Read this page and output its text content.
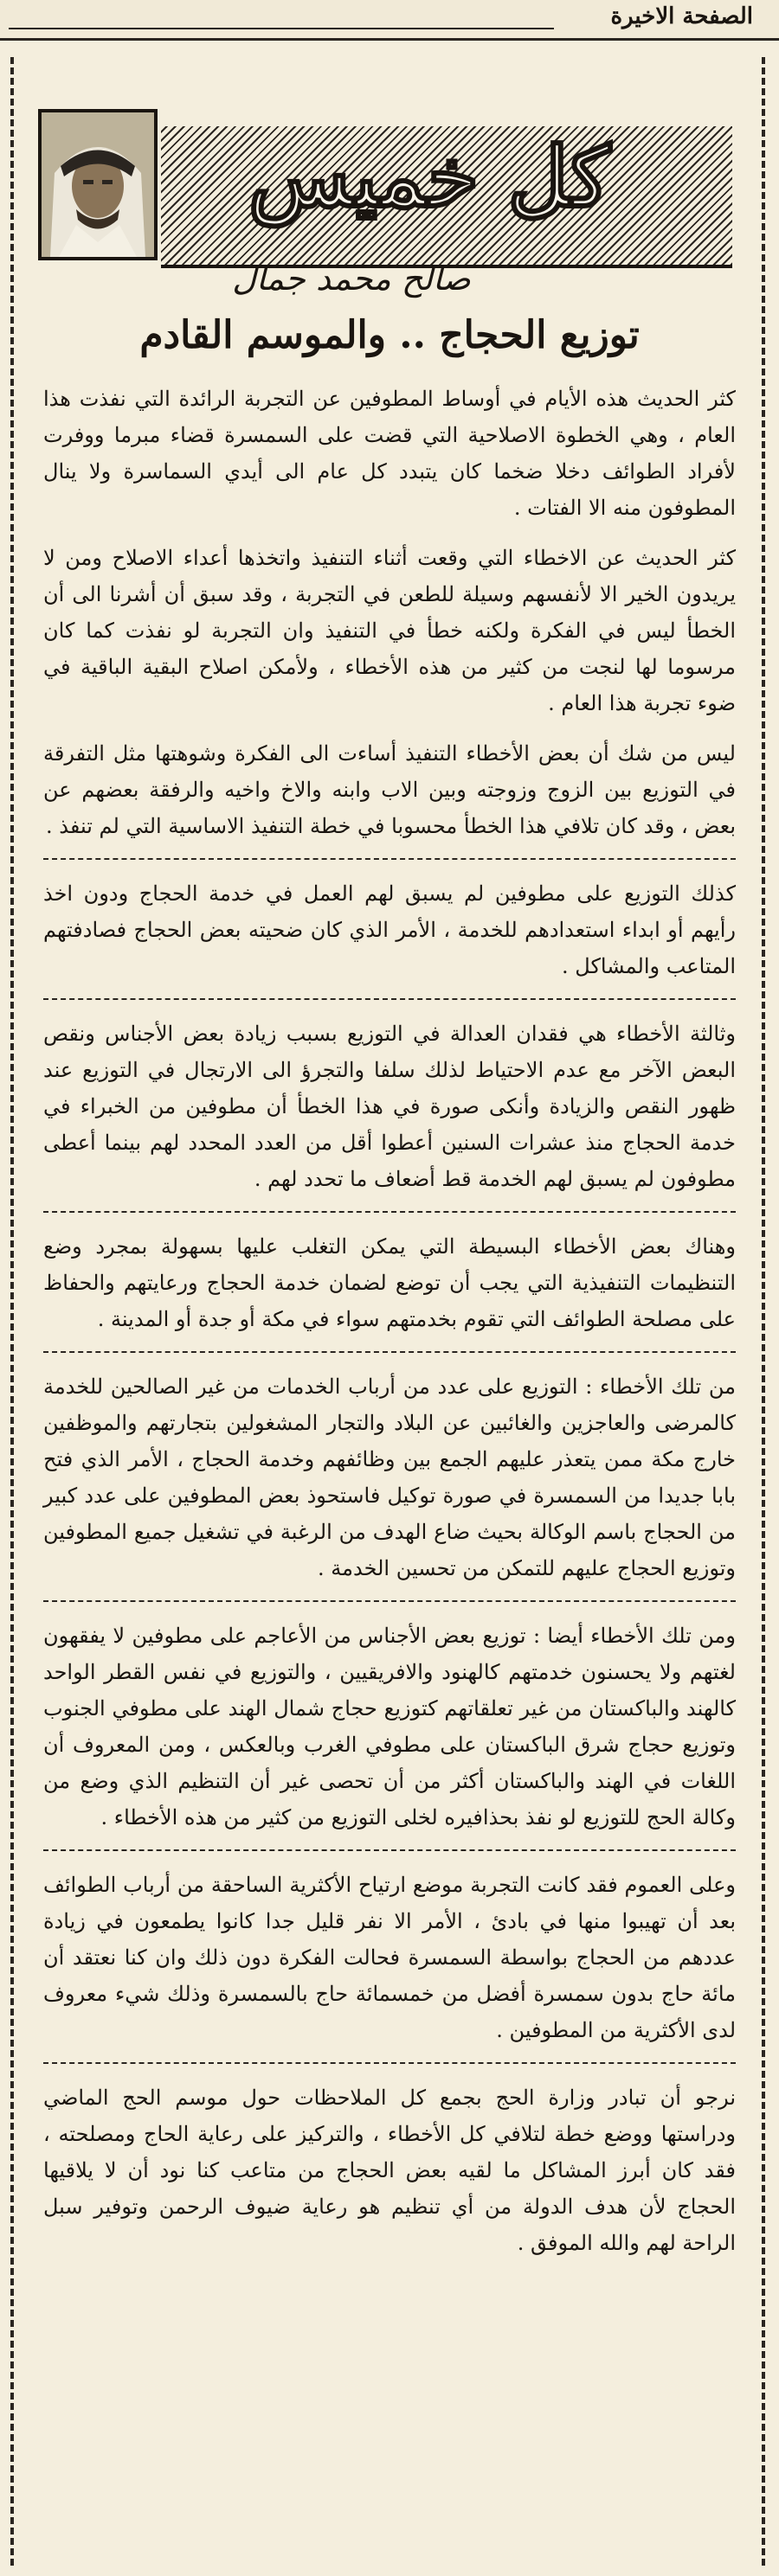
الصفحة الاخيرة
كل خميس
صالح محمد جمال
توزيع الحجاج .. والموسم القادم

كثر الحديث هذه الأيام في أوساط المطوفين عن التجربة الرائدة التي نفذت هذا العام ، وهي الخطوة الاصلاحية التي قضت على السمسرة قضاء مبرما ووفرت لأفراد الطوائف دخلا ضخما كان يتبدد كل عام الى أيدي السماسرة ولا ينال المطوفون منه الا الفتات .

كثر الحديث عن الاخطاء التي وقعت أثناء التنفيذ واتخذها أعداء الاصلاح ومن لا يريدون الخير الا لأنفسهم وسيلة للطعن في التجربة ، وقد سبق أن أشرنا الى أن الخطأ ليس في الفكرة ولكنه خطأ في التنفيذ وان التجربة لو نفذت كما كان مرسوما لها لنجت من كثير من هذه الأخطاء ، ولأمكن اصلاح البقية الباقية في ضوء تجربة هذا العام .

ليس من شك أن بعض الأخطاء التنفيذ أساءت الى الفكرة وشوهتها مثل التفرقة في التوزيع بين الزوج وزوجته وبين الاب وابنه والاخ واخيه والرفقة بعضهم عن بعض ، وقد كان تلافي هذا الخطأ محسوبا في خطة التنفيذ الاساسية التي لم تنفذ .

كذلك التوزيع على مطوفين لم يسبق لهم العمل في خدمة الحجاج ودون اخذ رأيهم أو ابداء استعدادهم للخدمة ، الأمر الذي كان ضحيته بعض الحجاج فصادفتهم المتاعب والمشاكل .

وثالثة الأخطاء هي فقدان العدالة في التوزيع بسبب زيادة بعض الأجناس ونقص البعض الآخر مع عدم الاحتياط لذلك سلفا والتجرؤ الى الارتجال في التوزيع عند ظهور النقص والزيادة وأنكى صورة في هذا الخطأ أن مطوفين من الخبراء في خدمة الحجاج منذ عشرات السنين أعطوا أقل من العدد المحدد لهم بينما أعطى مطوفون لم يسبق لهم الخدمة قط أضعاف ما تحدد لهم .

وهناك بعض الأخطاء البسيطة التي يمكن التغلب عليها بسهولة بمجرد وضع التنظيمات التنفيذية التي يجب أن توضع لضمان خدمة الحجاج ورعايتهم والحفاظ على مصلحة الطوائف التي تقوم بخدمتهم سواء في مكة أو جدة أو المدينة .

من تلك الأخطاء : التوزيع على عدد من أرباب الخدمات من غير الصالحين للخدمة كالمرضى والعاجزين والغائبين عن البلاد والتجار المشغولين بتجارتهم والموظفين خارج مكة ممن يتعذر عليهم الجمع بين وظائفهم وخدمة الحجاج ، الأمر الذي فتح بابا جديدا من السمسرة في صورة توكيل فاستحوذ بعض المطوفين على عدد كبير من الحجاج باسم الوكالة بحيث ضاع الهدف من الرغبة في تشغيل جميع المطوفين وتوزيع الحجاج عليهم للتمكن من تحسين الخدمة .

ومن تلك الأخطاء أيضا : توزيع بعض الأجناس من الأعاجم على مطوفين لا يفقهون لغتهم ولا يحسنون خدمتهم كالهنود والافريقيين ، والتوزيع في نفس القطر الواحد كالهند والباكستان من غير تعلقاتهم كتوزيع حجاج شمال الهند على مطوفي الجنوب وتوزيع حجاج شرق الباكستان على مطوفي الغرب وبالعكس ، ومن المعروف أن اللغات في الهند والباكستان أكثر من أن تحصى غير أن التنظيم الذي وضع من وكالة الحج للتوزيع لو نفذ بحذافيره لخلى التوزيع من كثير من هذه الأخطاء .

وعلى العموم فقد كانت التجربة موضع ارتياح الأكثرية الساحقة من أرباب الطوائف بعد أن تهيبوا منها في بادئ ، الأمر الا نفر قليل جدا كانوا يطمعون في زيادة عددهم من الحجاج بواسطة السمسرة فحالت الفكرة دون ذلك وان كنا نعتقد أن مائة حاج بدون سمسرة أفضل من خمسمائة حاج بالسمسرة وذلك شيء معروف لدى الأكثرية من المطوفين .

نرجو أن تبادر وزارة الحج بجمع كل الملاحظات حول موسم الحج الماضي ودراستها ووضع خطة لتلافي كل الأخطاء ، والتركيز على رعاية الحاج ومصلحته ، فقد كان أبرز المشاكل ما لقيه بعض الحجاج من متاعب كنا نود أن لا يلاقيها الحجاج لأن هدف الدولة من أي تنظيم هو رعاية ضيوف الرحمن وتوفير سبل الراحة لهم والله الموفق .
